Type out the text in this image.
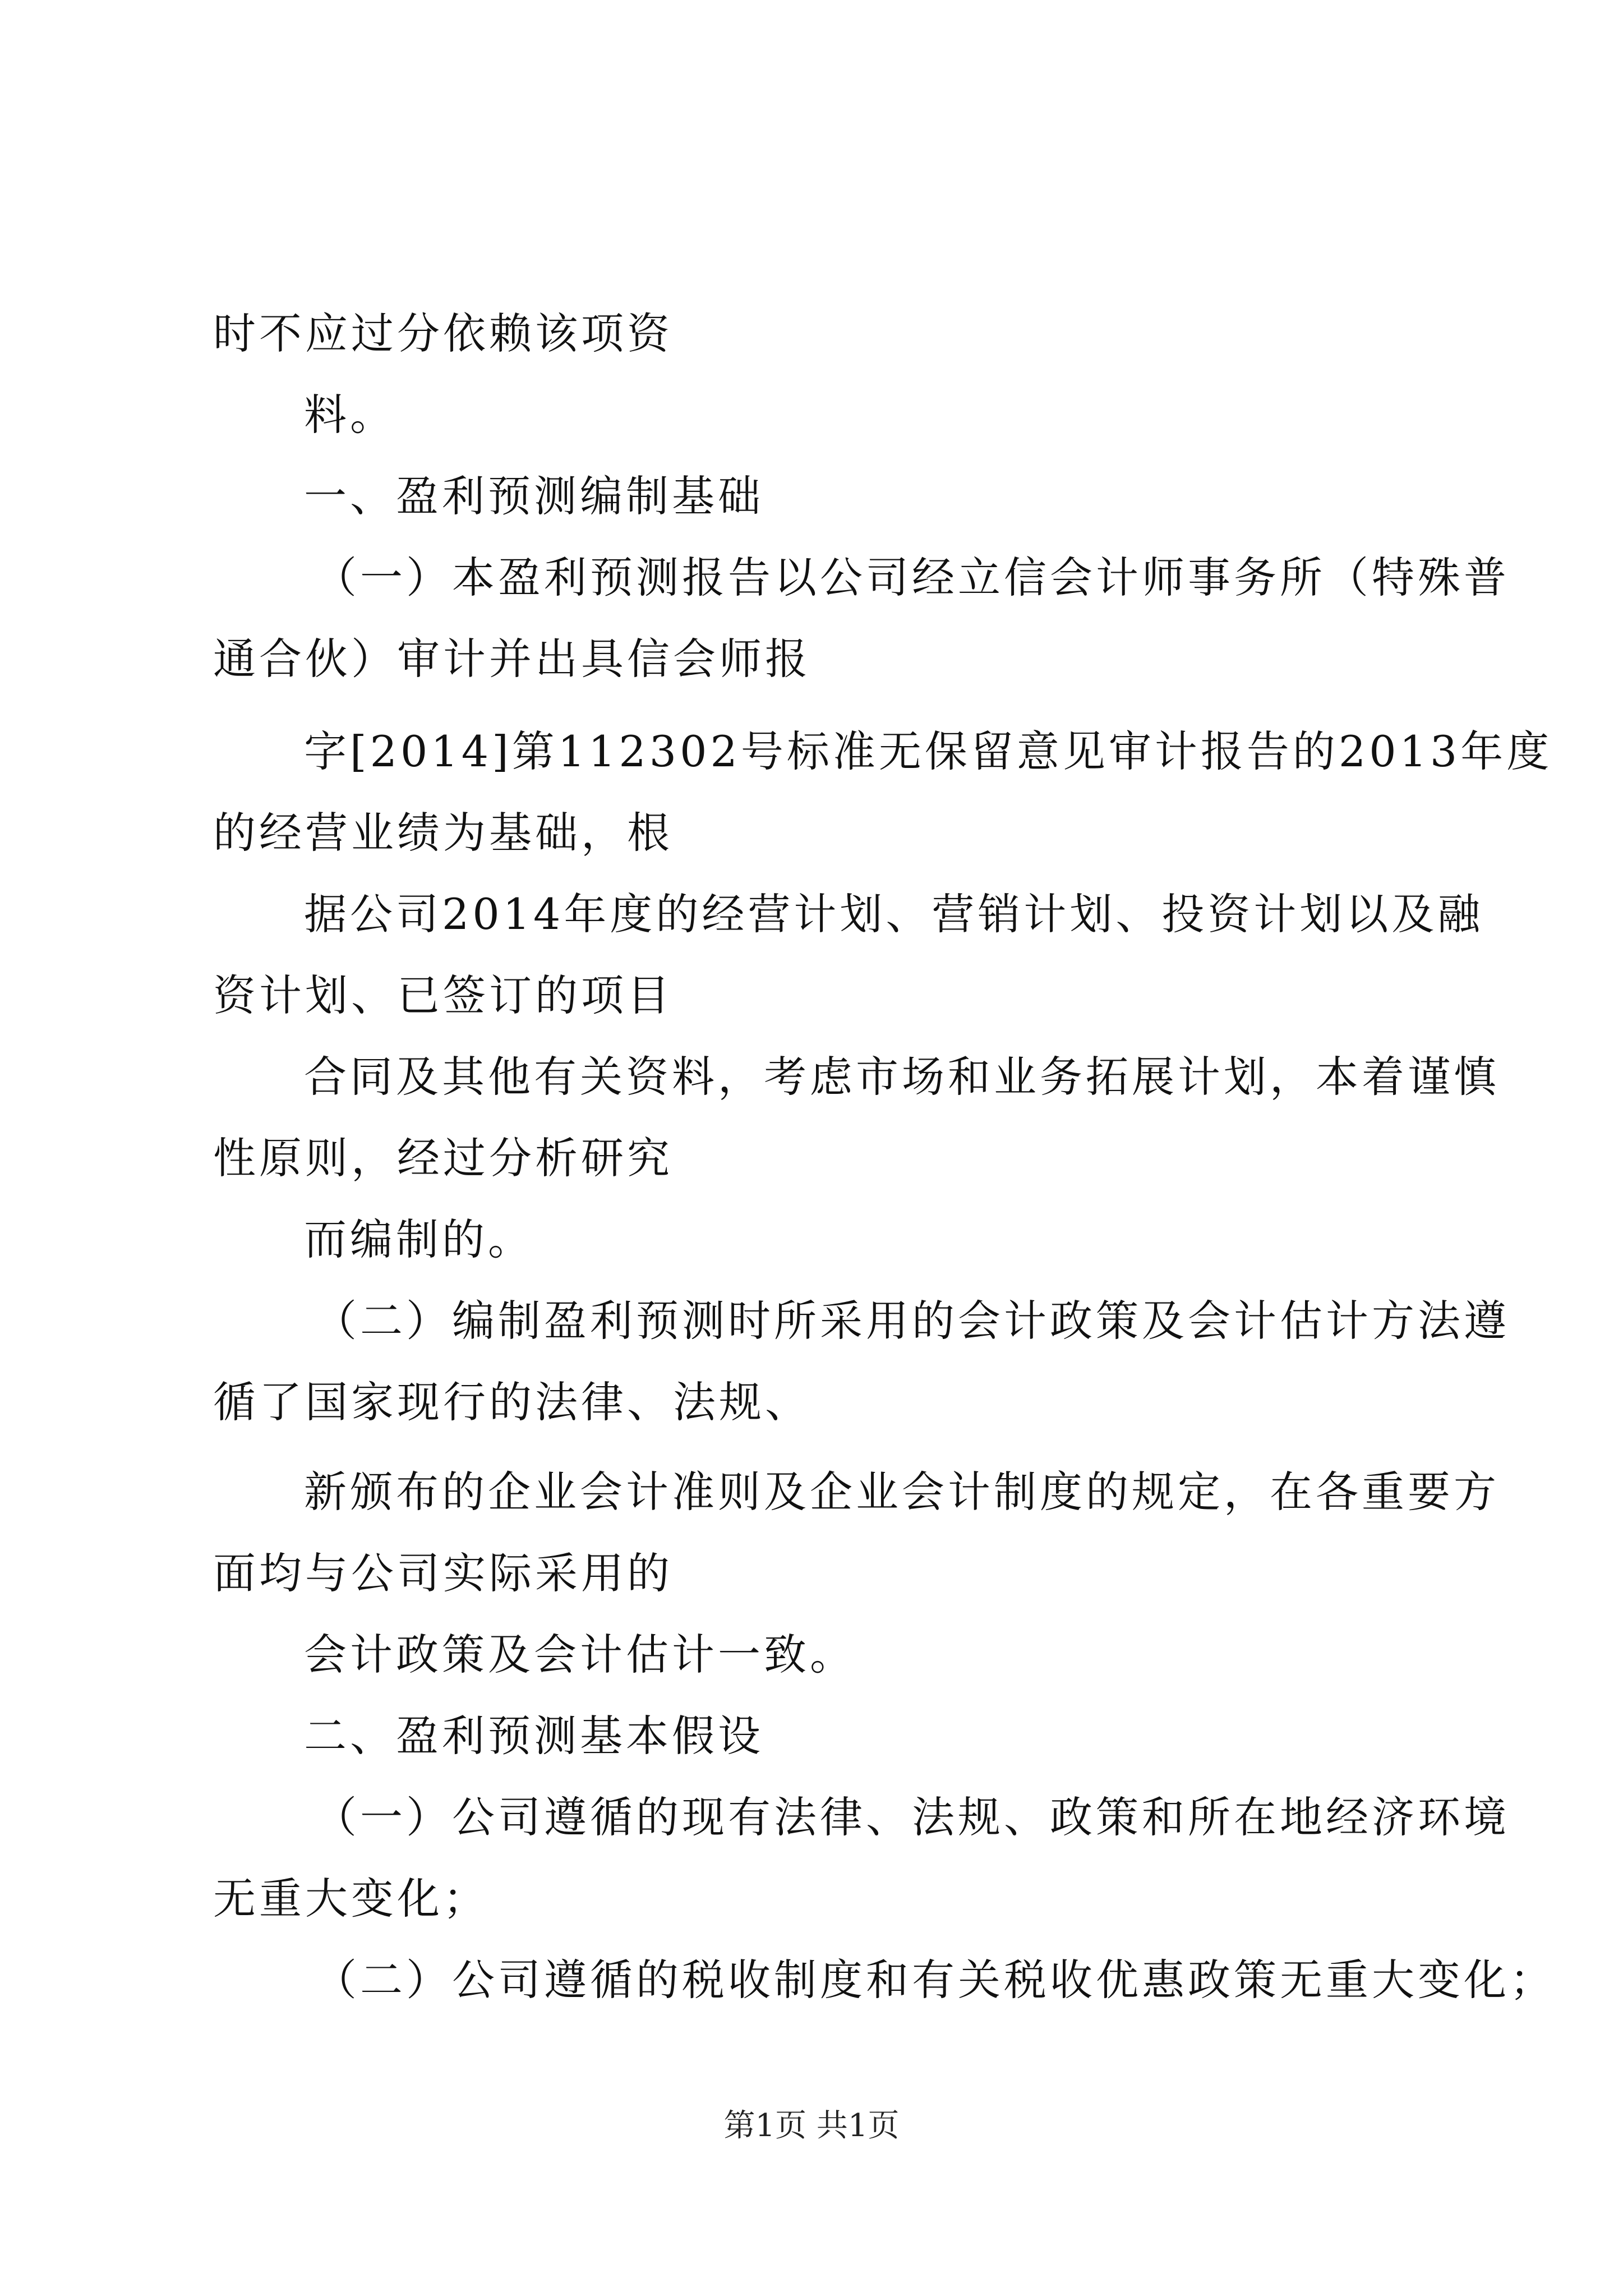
时不应过分依赖该项资
料。
一、盈利预测编制基础
（一）本盈利预测报告以公司经立信会计师事务所（特殊普
通合伙）审计并出具信会师报
字[2014]第112302号标准无保留意见审计报告的2013年度
的经营业绩为基础，根
据公司2014年度的经营计划、营销计划、投资计划以及融
资计划、已签订的项目
合同及其他有关资料，考虑市场和业务拓展计划，本着谨慎
性原则，经过分析研究
而编制的。
（二）编制盈利预测时所采用的会计政策及会计估计方法遵
循了国家现行的法律、法规、
新颁布的企业会计准则及企业会计制度的规定，在各重要方
面均与公司实际采用的
会计政策及会计估计一致。
二、盈利预测基本假设
（一）公司遵循的现有法律、法规、政策和所在地经济环境
无重大变化；
（二）公司遵循的税收制度和有关税收优惠政策无重大变化；
第1页 共1页
